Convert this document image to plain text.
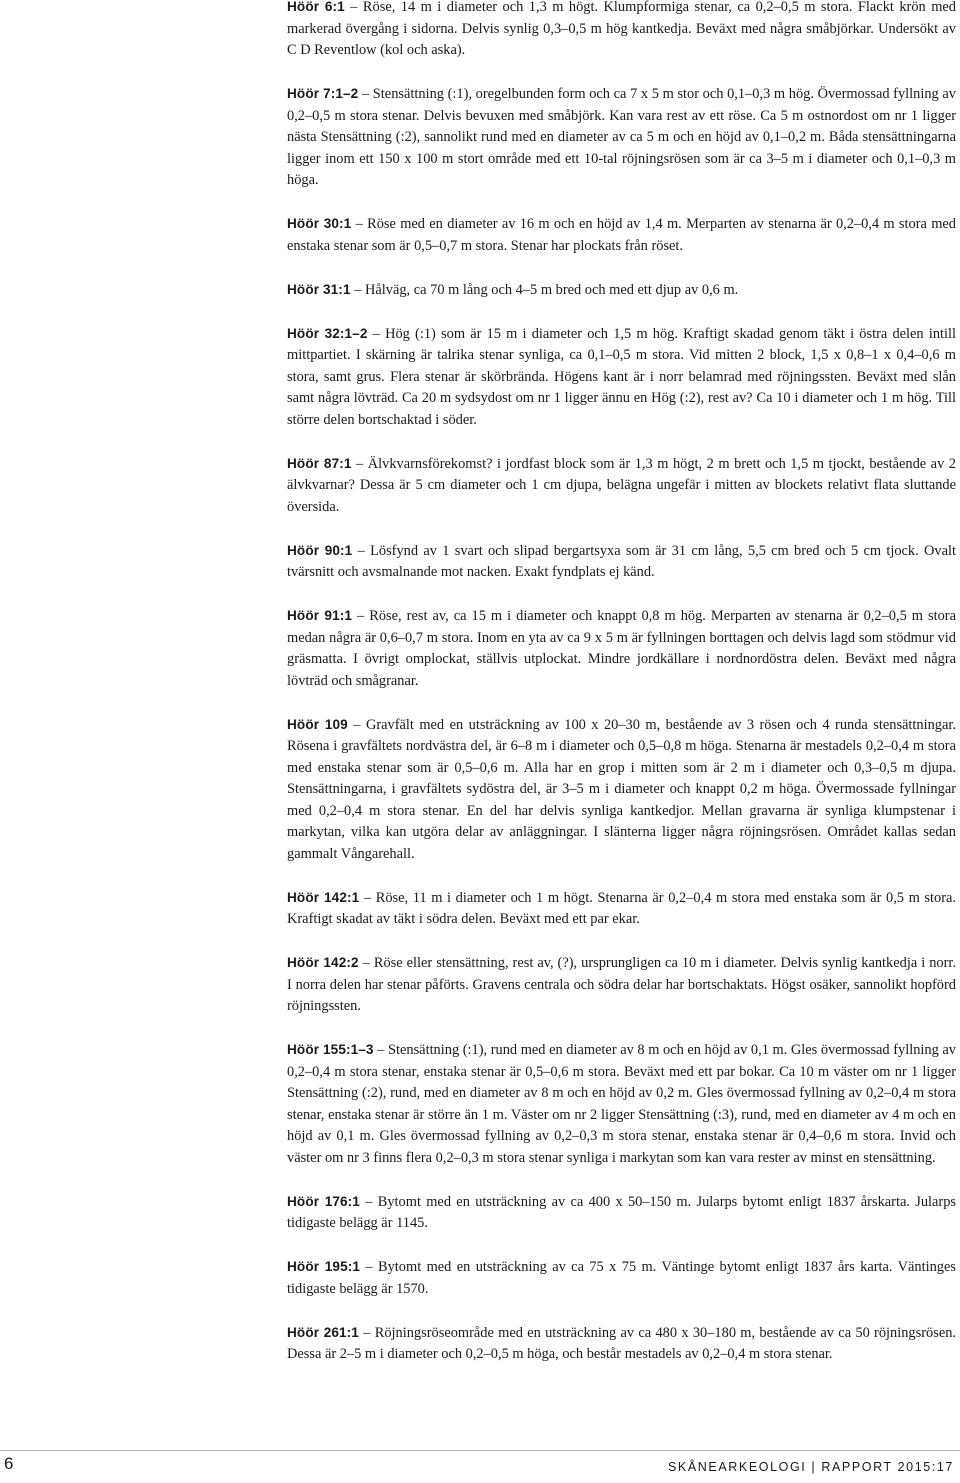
Höör 6:1 – Röse, 14 m i diameter och 1,3 m högt. Klumpformiga stenar, ca 0,2–0,5 m stora. Flackt krön med markerad övergång i sidorna. Delvis synlig 0,3–0,5 m hög kantkedja. Beväxt med några småbjörkar. Undersökt av C D Reventlow (kol och aska).

Höör 7:1–2 – Stensättning (:1), oregelbunden form och ca 7 x 5 m stor och 0,1–0,3 m hög. Övermossad fyllning av 0,2–0,5 m stora stenar. Delvis bevuxen med småbjörk. Kan vara rest av ett röse. Ca 5 m ostnordost om nr 1 ligger nästa Stensättning (:2), sannolikt rund med en diameter av ca 5 m och en höjd av 0,1–0,2 m. Båda stensättningarna ligger inom ett 150 x 100 m stort område med ett 10-tal röjningsrösen som är ca 3–5 m i diameter och 0,1–0,3 m höga.

Höör 30:1 – Röse med en diameter av 16 m och en höjd av 1,4 m. Merparten av stenarna är 0,2–0,4 m stora med enstaka stenar som är 0,5–0,7 m stora. Stenar har plockats från röset.

Höör 31:1 – Hålväg, ca 70 m lång och 4–5 m bred och med ett djup av 0,6 m.

Höör 32:1–2 – Hög (:1) som är 15 m i diameter och 1,5 m hög. Kraftigt skadad genom täkt i östra delen intill mittpartiet. I skärning är talrika stenar synliga, ca 0,1–0,5 m stora. Vid mitten 2 block, 1,5 x 0,8–1 x 0,4–0,6 m stora, samt grus. Flera stenar är skörbrända. Högens kant är i norr belamrad med röjningssten. Beväxt med slån samt några lövträd. Ca 20 m sydsydost om nr 1 ligger ännu en Hög (:2), rest av? Ca 10 i diameter och 1 m hög. Till större delen bortschaktad i söder.

Höör 87:1 – Älvkvarnsförekomst? i jordfast block som är 1,3 m högt, 2 m brett och 1,5 m tjockt, bestående av 2 älvkvarnar? Dessa är 5 cm diameter och 1 cm djupa, belägna ungefär i mitten av blockets relativt flata sluttande översida.

Höör 90:1 – Lösfynd av 1 svart och slipad bergartsyxa som är 31 cm lång, 5,5 cm bred och 5 cm tjock. Ovalt tvärsnitt och avsmalnande mot nacken. Exakt fyndplats ej känd.

Höör 91:1 – Röse, rest av, ca 15 m i diameter och knappt 0,8 m hög. Merparten av stenarna är 0,2–0,5 m stora medan några är 0,6–0,7 m stora. Inom en yta av ca 9 x 5 m är fyllningen borttagen och delvis lagd som stödmur vid gräsmatta. I övrigt omplockat, ställvis utplockat. Mindre jordkällare i nordnordöstra delen. Beväxt med några lövträd och smågranar.

Höör 109 – Gravfält med en utsträckning av 100 x 20–30 m, bestående av 3 rösen och 4 runda stensättningar. Rösena i gravfältets nordvästra del, är 6–8 m i diameter och 0,5–0,8 m höga. Stenarna är mestadels 0,2–0,4 m stora med enstaka stenar som är 0,5–0,6 m. Alla har en grop i mitten som är 2 m i diameter och 0,3–0,5 m djupa. Stensättningarna, i gravfältets sydöstra del, är 3–5 m i diameter och knappt 0,2 m höga. Övermossade fyllningar med 0,2–0,4 m stora stenar. En del har delvis synliga kantkedjor. Mellan gravarna är synliga klumpstenar i markytan, vilka kan utgöra delar av anläggningar. I slänterna ligger några röjningsrösen. Området kallas sedan gammalt Vångarehall.

Höör 142:1 – Röse, 11 m i diameter och 1 m högt. Stenarna är 0,2–0,4 m stora med enstaka som är 0,5 m stora. Kraftigt skadat av täkt i södra delen. Beväxt med ett par ekar.

Höör 142:2 – Röse eller stensättning, rest av, (?), ursprungligen ca 10 m i diameter. Delvis synlig kantkedja i norr. I norra delen har stenar påförts. Gravens centrala och södra delar har bortschaktats. Högst osäker, sannolikt hopförd röjningssten.

Höör 155:1–3 – Stensättning (:1), rund med en diameter av 8 m och en höjd av 0,1 m. Gles övermossad fyllning av 0,2–0,4 m stora stenar, enstaka stenar är 0,5–0,6 m stora. Beväxt med ett par bokar. Ca 10 m väster om nr 1 ligger Stensättning (:2), rund, med en diameter av 8 m och en höjd av 0,2 m. Gles övermossad fyllning av 0,2–0,4 m stora stenar, enstaka stenar är större än 1 m. Väster om nr 2 ligger Stensättning (:3), rund, med en diameter av 4 m och en höjd av 0,1 m. Gles övermossad fyllning av 0,2–0,3 m stora stenar, enstaka stenar är 0,4–0,6 m stora. Invid och väster om nr 3 finns flera 0,2–0,3 m stora stenar synliga i markytan som kan vara rester av minst en stensättning.

Höör 176:1 – Bytomt med en utsträckning av ca 400 x 50–150 m. Jularps bytomt enligt 1837 årskarta. Jularps tidigaste belägg är 1145.

Höör 195:1 – Bytomt med en utsträckning av ca 75 x 75 m. Väntinge bytomt enligt 1837 års karta. Väntinges tidigaste belägg är 1570.

Höör 261:1 – Röjningsröseområde med en utsträckning av ca 480 x 30–180 m, bestående av ca 50 röjningsrösen. Dessa är 2–5 m i diameter och 0,2–0,5 m höga, och består mestadels av 0,2–0,4 m stora stenar.

6	SKÅNEARKEOLOGI | RAPPORT 2015:17
